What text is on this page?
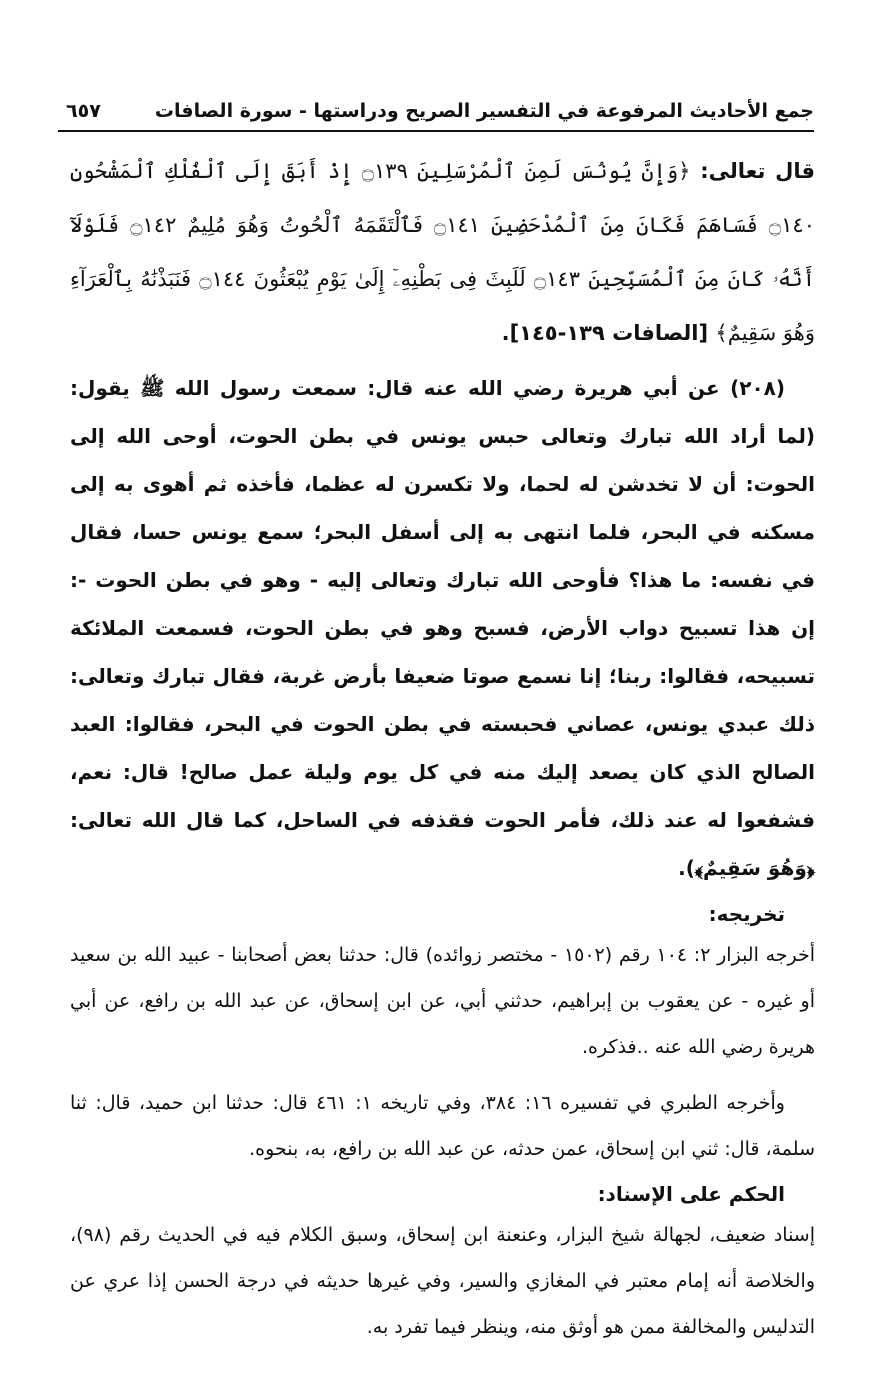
جمع الأحاديث المرفوعة في التفسير الصريح ودراستها - سورة الصافات
٦٥٧

قال تعالى: ﴿وَإِنَّ يُونُسَ لَمِنَ ٱلْمُرْسَلِينَ ۝١٣٩ إِذْ أَبَقَ إِلَى ٱلْفُلْكِ ٱلْمَشْحُونِ ۝١٤٠ فَسَاهَمَ فَكَانَ مِنَ ٱلْمُدْحَضِينَ ۝١٤١ فَٱلْتَقَمَهُ ٱلْحُوتُ وَهُوَ مُلِيمٌ ۝١٤٢ فَلَوْلَآ أَنَّهُۥ كَانَ مِنَ ٱلْمُسَبِّحِينَ ۝١٤٣ لَلَبِثَ فِى بَطْنِهِۦٓ إِلَىٰ يَوْمِ يُبْعَثُونَ ۝١٤٤ فَنَبَذْنَٰهُ بِٱلْعَرَآءِ وَهُوَ سَقِيمٌ﴾ [الصافات ١٣٩-١٤٥].

(٢٠٨) عن أبي هريرة رضي الله عنه قال: سمعت رسول الله ﷺ يقول: (لما أراد الله تبارك وتعالى حبس يونس في بطن الحوت، أوحى الله إلى الحوت: أن لا تخدشن له لحما، ولا تكسرن له عظما، فأخذه ثم أهوى به إلى مسكنه في البحر، فلما انتهى به إلى أسفل البحر؛ سمع يونس حسا، فقال في نفسه: ما هذا؟ فأوحى الله تبارك وتعالى إليه - وهو في بطن الحوت -: إن هذا تسبيح دواب الأرض، فسبح وهو في بطن الحوت، فسمعت الملائكة تسبيحه، فقالوا: ربنا؛ إنا نسمع صوتا ضعيفا بأرض غربة، فقال تبارك وتعالى: ذلك عبدي يونس، عصاني فحبسته في بطن الحوت في البحر، فقالوا: العبد الصالح الذي كان يصعد إليك منه في كل يوم وليلة عمل صالح! قال: نعم، فشفعوا له عند ذلك، فأمر الحوت فقذفه في الساحل، كما قال الله تعالى: ﴿وَهُوَ سَقِيمٌ﴾).

تخريجه:

أخرجه البزار ٢: ١٠٤ رقم (١٥٠٢ - مختصر زوائده) قال: حدثنا بعض أصحابنا - عبيد الله بن سعيد أو غيره - عن يعقوب بن إبراهيم، حدثني أبي، عن ابن إسحاق، عن عبد الله بن رافع، عن أبي هريرة رضي الله عنه ..فذكره.

وأخرجه الطبري في تفسيره ١٦: ٣٨٤، وفي تاريخه ١: ٤٦١ قال: حدثنا ابن حميد، قال: ثنا سلمة، قال: ثني ابن إسحاق، عمن حدثه، عن عبد الله بن رافع، به، بنحوه.

الحكم على الإسناد:

إسناد ضعيف، لجهالة شيخ البزار، وعنعنة ابن إسحاق، وسبق الكلام فيه في الحديث رقم (٩٨)، والخلاصة أنه إمام معتبر في المغازي والسير، وفي غيرها حديثه في درجة الحسن إذا عري عن التدليس والمخالفة ممن هو أوثق منه، وينظر فيما تفرد به.
